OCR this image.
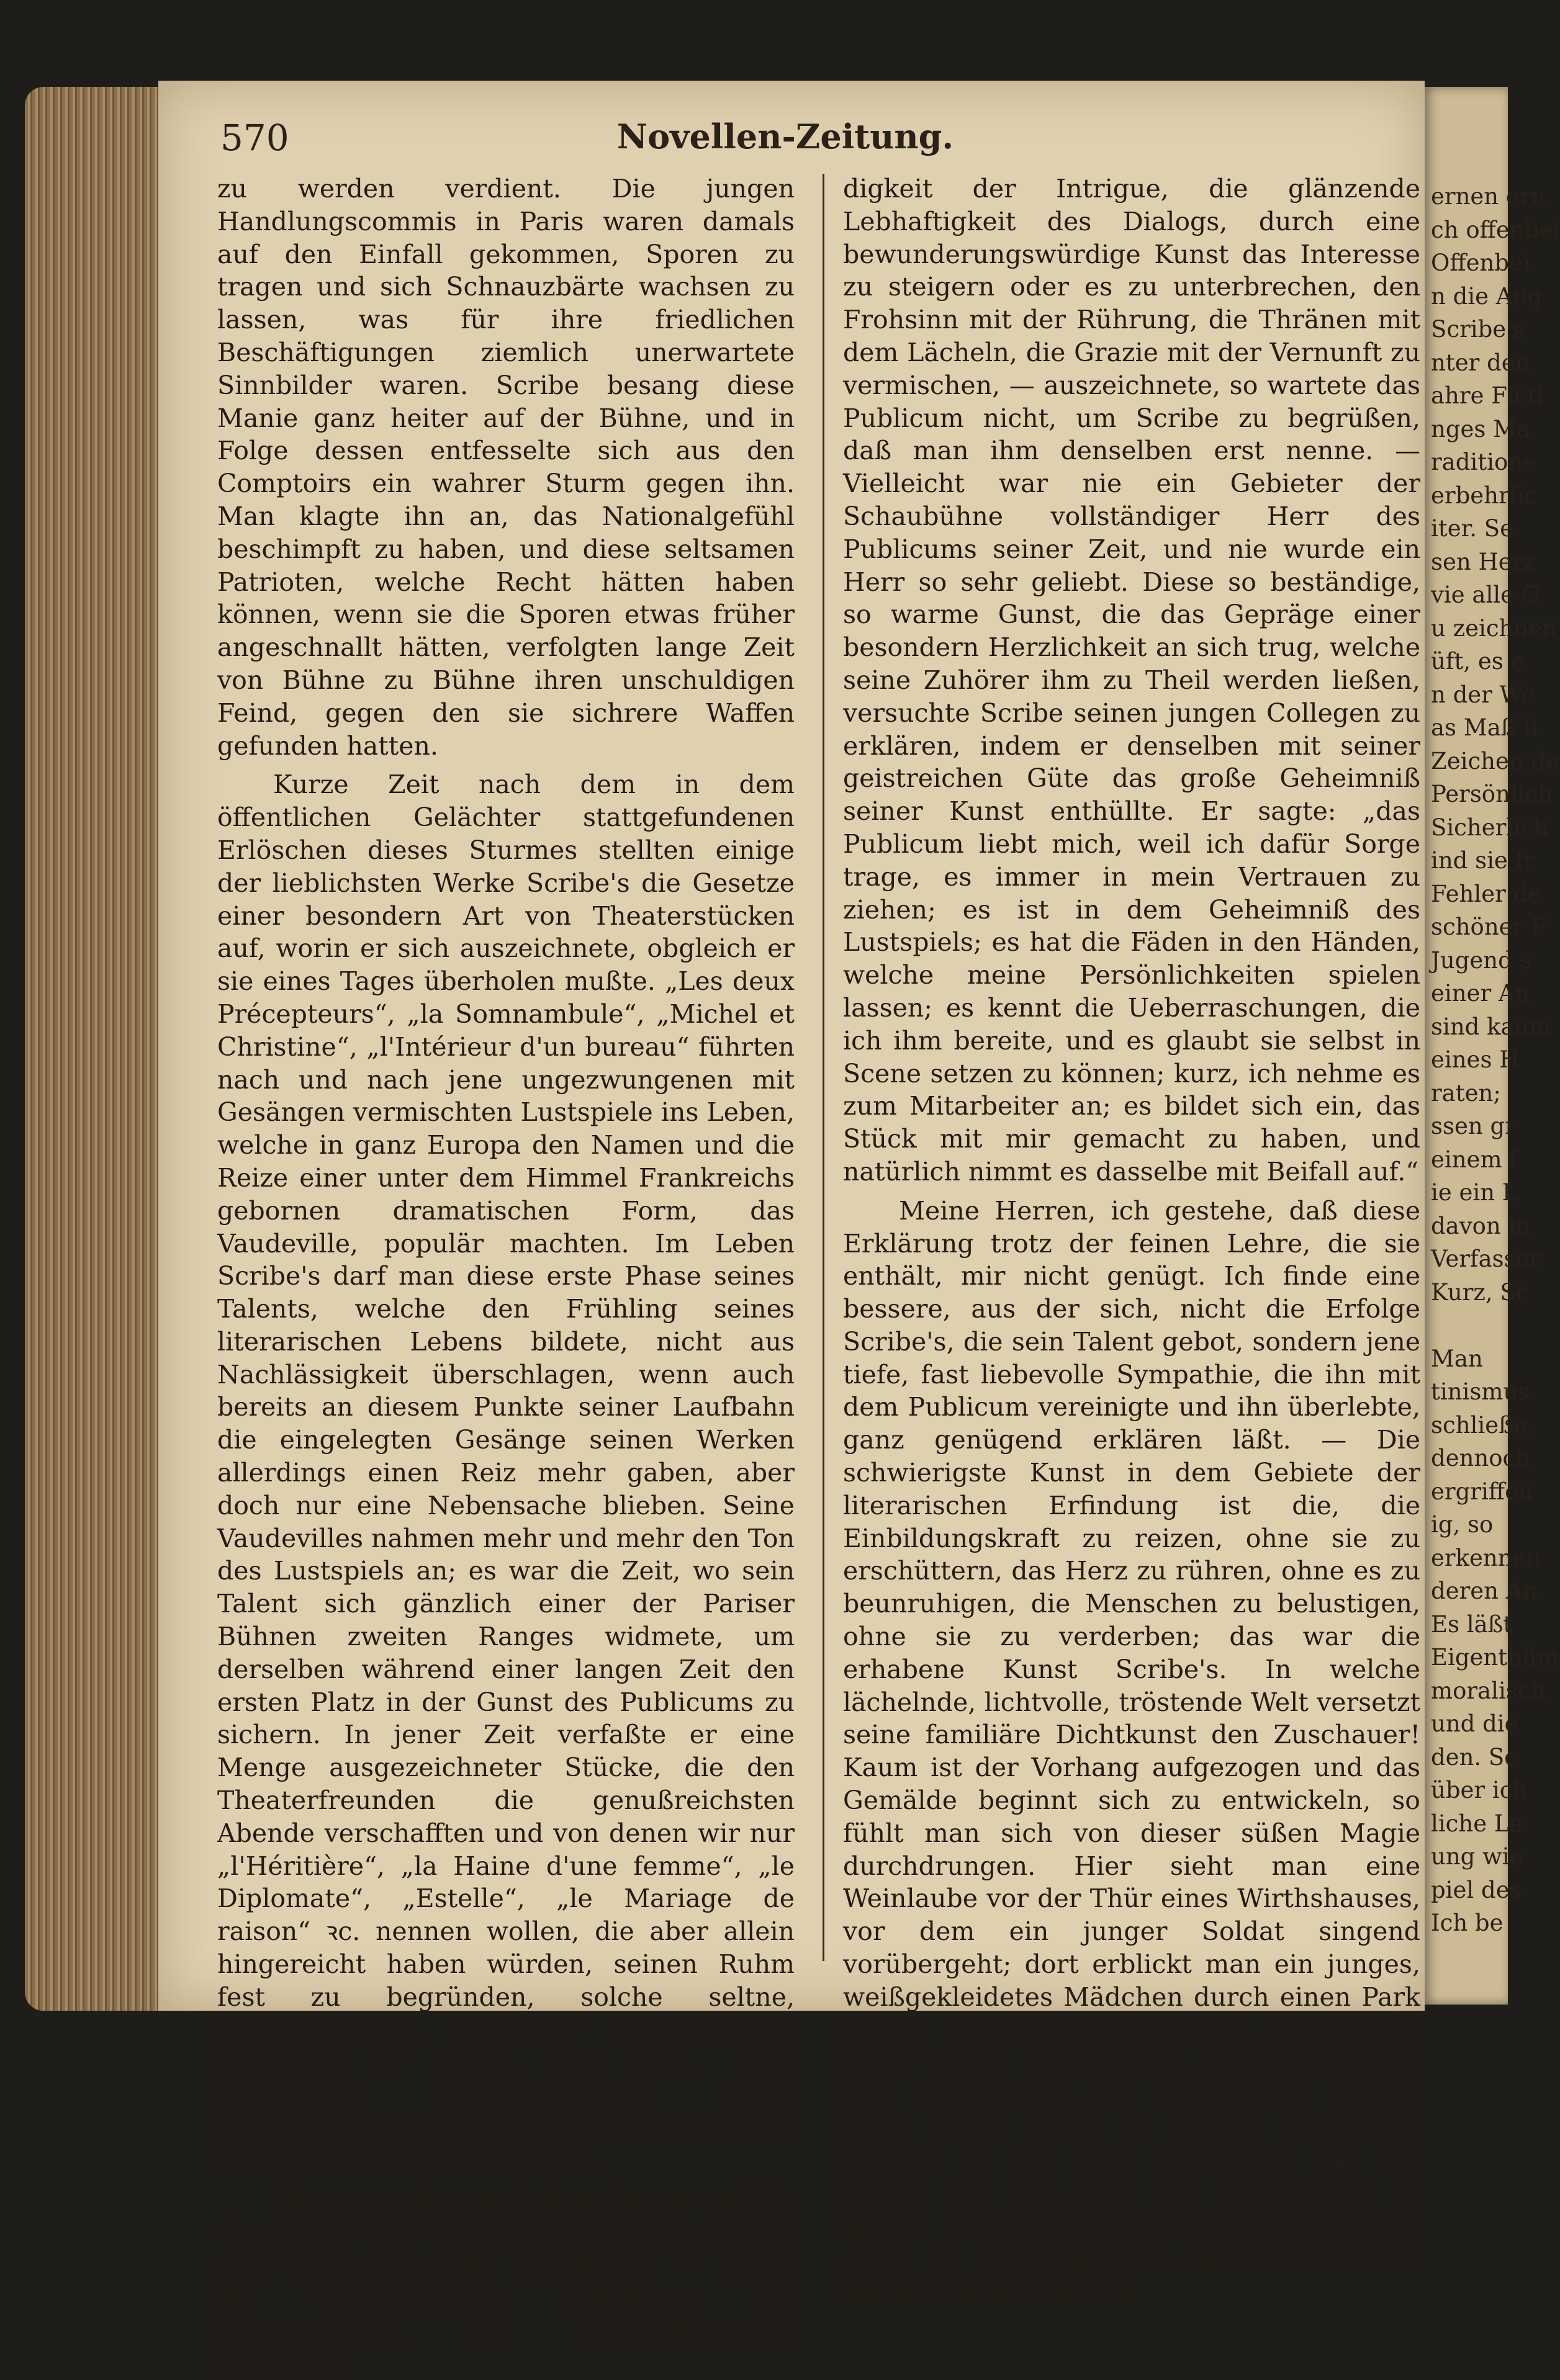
570	Novellen-Zeitung.

zu werden verdient. Die jungen Handlungscommis in Paris waren damals auf den Einfall gekommen, Sporen zu tragen und sich Schnauzbärte wachsen zu lassen, was für ihre friedlichen Beschäftigungen ziemlich unerwartete Sinnbilder waren. Scribe besang diese Manie ganz heiter auf der Bühne, und in Folge dessen entfesselte sich aus den Comptoirs ein wahrer Sturm gegen ihn. Man klagte ihn an, das Nationalgefühl beschimpft zu haben, und diese seltsamen Patrioten, welche Recht hätten haben können, wenn sie die Sporen etwas früher angeschnallt hätten, verfolgten lange Zeit von Bühne zu Bühne ihren unschuldigen Feind, gegen den sie sichrere Waffen gefunden hatten.

Kurze Zeit nach dem in dem öffentlichen Gelächter stattgefundenen Erlöschen dieses Sturmes stellten einige der lieblichsten Werke Scribe's die Gesetze einer besondern Art von Theaterstücken auf, worin er sich auszeichnete, obgleich er sie eines Tages überholen mußte. „Les deux Précepteurs“, „la Somnambule“, „Michel et Christine“, „l'Intérieur d'un bureau“ führten nach und nach jene ungezwungenen mit Gesängen vermischten Lustspiele ins Leben, welche in ganz Europa den Namen und die Reize einer unter dem Himmel Frankreichs gebornen dramatischen Form, das Vaudeville, populär machten. Im Leben Scribe's darf man diese erste Phase seines Talents, welche den Frühling seines literarischen Lebens bildete, nicht aus Nachlässigkeit überschlagen, wenn auch bereits an diesem Punkte seiner Laufbahn die eingelegten Gesänge seinen Werken allerdings einen Reiz mehr gaben, aber doch nur eine Nebensache blieben. Seine Vaudevilles nahmen mehr und mehr den Ton des Lustspiels an; es war die Zeit, wo sein Talent sich gänzlich einer der Pariser Bühnen zweiten Ranges widmete, um derselben während einer langen Zeit den ersten Platz in der Gunst des Publicums zu sichern. In jener Zeit verfaßte er eine Menge ausgezeichneter Stücke, die den Theaterfreunden die genußreichsten Abende verschafften und von denen wir nur „l'Héritière“, „la Haine d'une femme“, „le Diplomate“, „Estelle“, „le Mariage de raison“ ꝛc. nennen wollen, die aber allein hingereicht haben würden, seinen Ruhm fest zu begründen, solche seltne, ausgezeichnete, originelle Eigenschaften entfaltete er darin, die man, trotz glücklicher Freundschaften, stets untrennbar von seinem Namen und niemals ohne denselben wiederfindet.

Wenn von diesem Zeitpunkte an und für eine lange Zeit ein dramatisches Erzeugniß sich durch besondre Verdienste, — durch die verführerische Erfindung des Gegenstandes, die unvergleichliche Geschmei-

digkeit der Intrigue, die glänzende Lebhaftigkeit des Dialogs, durch eine bewunderungswürdige Kunst das Interesse zu steigern oder es zu unterbrechen, den Frohsinn mit der Rührung, die Thränen mit dem Lächeln, die Grazie mit der Vernunft zu vermischen, — auszeichnete, so wartete das Publicum nicht, um Scribe zu begrüßen, daß man ihm denselben erst nenne. — Vielleicht war nie ein Gebieter der Schaubühne vollständiger Herr des Publicums seiner Zeit, und nie wurde ein Herr so sehr geliebt. Diese so beständige, so warme Gunst, die das Gepräge einer besondern Herzlichkeit an sich trug, welche seine Zuhörer ihm zu Theil werden ließen, versuchte Scribe seinen jungen Collegen zu erklären, indem er denselben mit seiner geistreichen Güte das große Geheimniß seiner Kunst enthüllte. Er sagte: „das Publicum liebt mich, weil ich dafür Sorge trage, es immer in mein Vertrauen zu ziehen; es ist in dem Geheimniß des Lustspiels; es hat die Fäden in den Händen, welche meine Persönlichkeiten spielen lassen; es kennt die Ueberraschungen, die ich ihm bereite, und es glaubt sie selbst in Scene setzen zu können; kurz, ich nehme es zum Mitarbeiter an; es bildet sich ein, das Stück mit mir gemacht zu haben, und natürlich nimmt es dasselbe mit Beifall auf.“

Meine Herren, ich gestehe, daß diese Erklärung trotz der feinen Lehre, die sie enthält, mir nicht genügt. Ich finde eine bessere, aus der sich, nicht die Erfolge Scribe's, die sein Talent gebot, sondern jene tiefe, fast liebevolle Sympathie, die ihn mit dem Publicum vereinigte und ihn überlebte, ganz genügend erklären läßt. — Die schwierigste Kunst in dem Gebiete der literarischen Erfindung ist die, die Einbildungskraft zu reizen, ohne sie zu erschüttern, das Herz zu rühren, ohne es zu beunruhigen, die Menschen zu belustigen, ohne sie zu verderben; das war die erhabene Kunst Scribe's. In welche lächelnde, lichtvolle, tröstende Welt versetzt seine familiäre Dichtkunst den Zuschauer! Kaum ist der Vorhang aufgezogen und das Gemälde beginnt sich zu entwickeln, so fühlt man sich von dieser süßen Magie durchdrungen. Hier sieht man eine Weinlaube vor der Thür eines Wirthshauses, vor dem ein junger Soldat singend vorübergeht; dort erblickt man ein junges, weißgekleidetes Mädchen durch einen Park eilend; in einem Sommersalon träumt eine junge Witwe von zwanzig Jahren, zuweilen eine Großmutter, die noch nicht dreißig Jahre zählt, denn in diesem Feenlande scheint es nur eine Jahreszeit, die der Sonne, nur ein Alter, das der Jugend, zu geben. Ist es zu verwundern, daß man sich darin zu leben gefällt? Aber dieses Land nimmt uns noch durch

ernen ern
ch offenbei
Offenbei
n die Aug
Scribe's
nter den
ahre Ficti
nges Ma
raditione
erbehrlic
iter. Se
sen Herz
vie alle G
u zeichnen
üft, es e
n der We
as Maß ü
Zeichen de
Persönlich
Sicherlich
ind sie fr
Fehler de
schöner F
Jugend s
einer Au
sind kaum
eines H
raten;
ssen gr
einem f
ie ein L
davon in
Verfasser
Kurz, Sc

Man
tinismus
schließe,
dennoch
ergriffen
ig, so
erkennen
deren An
Es läßt
Eigenthüm
moralisch
und die
den. Sc
über ich
liche Le
ung wie
piel des
Ich be
